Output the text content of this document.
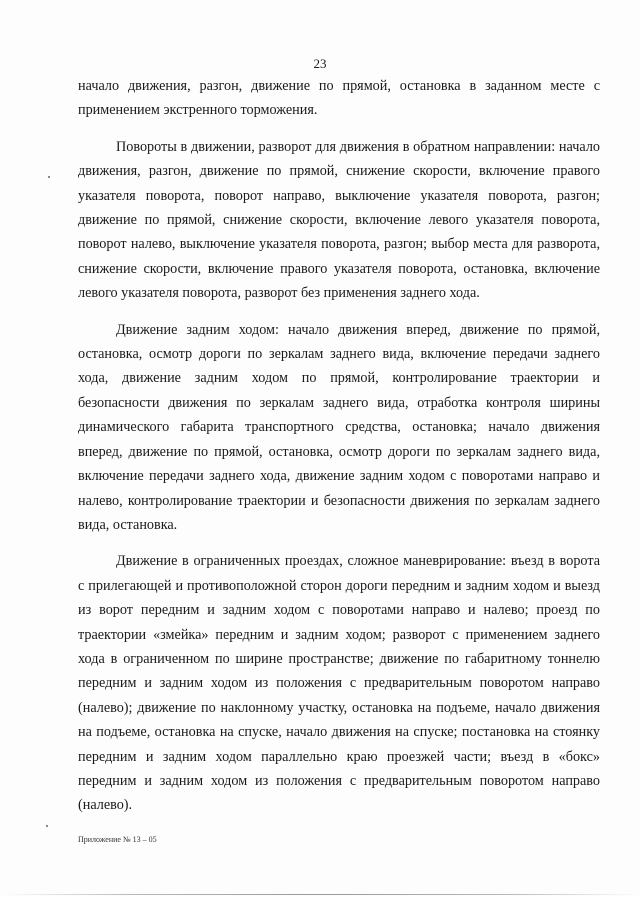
23

начало движения, разгон, движение по прямой, остановка в заданном месте с применением экстренного торможения.

Повороты в движении, разворот для движения в обратном направлении: начало движения, разгон, движение по прямой, снижение скорости, включение правого указателя поворота, поворот направо, выключение указателя поворота, разгон; движение по прямой, снижение скорости, включение левого указателя поворота, поворот налево, выключение указателя поворота, разгон; выбор места для разворота, снижение скорости, включение правого указателя поворота, остановка, включение левого указателя поворота, разворот без применения заднего хода.

Движение задним ходом: начало движения вперед, движение по прямой, остановка, осмотр дороги по зеркалам заднего вида, включение передачи заднего хода, движение задним ходом по прямой, контролирование траектории и безопасности движения по зеркалам заднего вида, отработка контроля ширины динамического габарита транспортного средства, остановка; начало движения вперед, движение по прямой, остановка, осмотр дороги по зеркалам заднего вида, включение передачи заднего хода, движение задним ходом с поворотами направо и налево, контролирование траектории и безопасности движения по зеркалам заднего вида, остановка.

Движение в ограниченных проездах, сложное маневрирование: въезд в ворота с прилегающей и противоположной сторон дороги передним и задним ходом и выезд из ворот передним и задним ходом с поворотами направо и налево; проезд по траектории «змейка» передним и задним ходом; разворот с применением заднего хода в ограниченном по ширине пространстве; движение по габаритному тоннелю передним и задним ходом из положения с предварительным поворотом направо (налево); движение по наклонному участку, остановка на подъеме, начало движения на подъеме, остановка на спуске, начало движения на спуске; постановка на стоянку передним и задним ходом параллельно краю проезжей части; въезд в «бокс» передним и задним ходом из положения с предварительным поворотом направо (налево).

Приложение № 13 – 05
